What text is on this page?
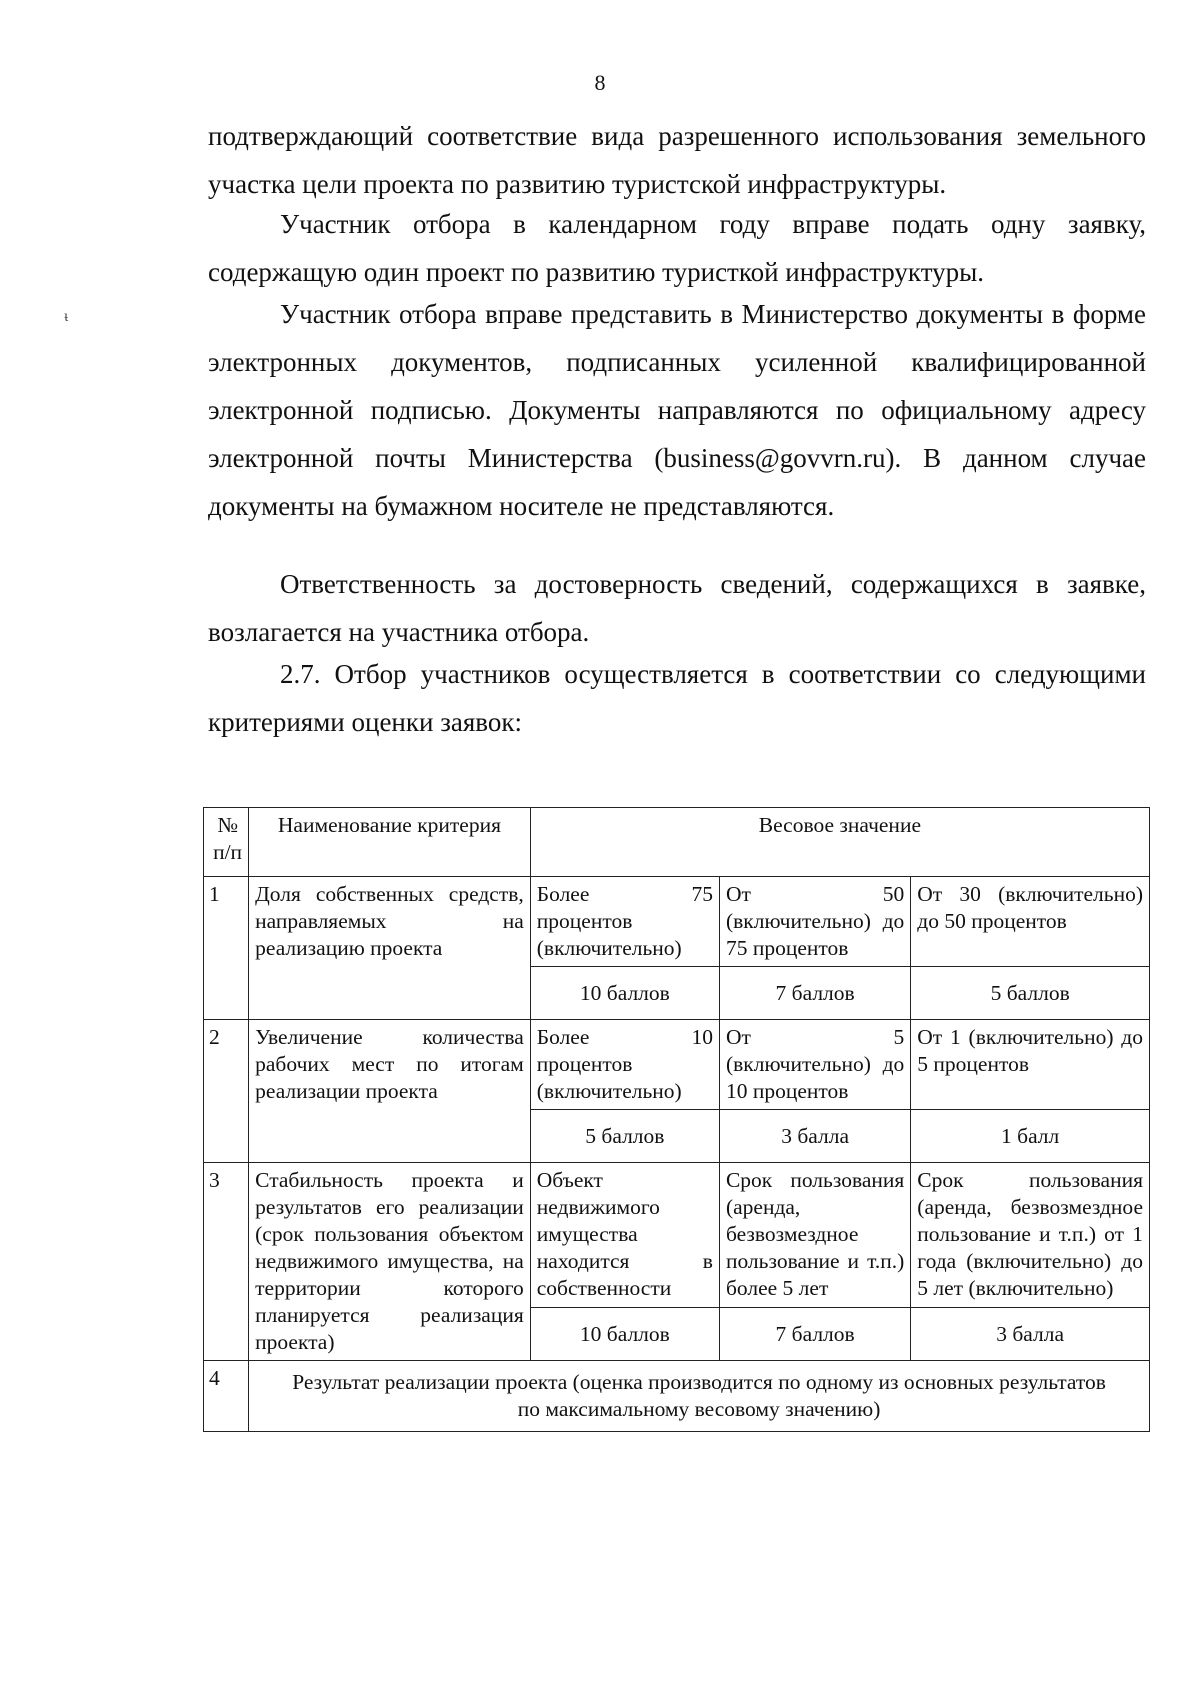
8
ᵼ

подтверждающий соответствие вида разрешенного использования земельного участка цели проекта по развитию туристской инфраструктуры.

Участник отбора в календарном году вправе подать одну заявку, содержащую один проект по развитию туристкой инфраструктуры.

Участник отбора вправе представить в Министерство документы в форме электронных документов, подписанных усиленной квалифицированной электронной подписью. Документы направляются по официальному адресу электронной почты Министерства (business@govvrn.ru). В данном случае документы на бумажном носителе не представляются.

Ответственность за достоверность сведений, содержащихся в заявке, возлагается на участника отбора.

2.7. Отбор участников осуществляется в соответствии со следующими критериями оценки заявок:

№ п/п	Наименование критерия	Весовое значение		
1	Доля собственных средств, направляемых на реализацию проекта	Более 75 процентов (включительно)	От 50 (включительно) до 75 процентов	От 30 (включительно) до 50 процентов
		10 баллов	7 баллов	5 баллов
2	Увеличение количества рабочих мест по итогам реализации проекта	Более 10 процентов (включительно)	От 5 (включительно) до 10 процентов	От 1 (включительно) до 5 процентов
		5 баллов	3 балла	1 балл
3	Стабильность проекта и результатов его реализации (срок пользования объектом недвижимого имущества, на территории которого планируется реализация проекта)	Объект недвижимого имущества находится в собственности	Срок пользования (аренда, безвозмездное пользование и т.п.) более 5 лет	Срок пользования (аренда, безвозмездное пользование и т.п.) от 1 года (включительно) до 5 лет (включительно)
		10 баллов	7 баллов	3 балла
4	Результат реализации проекта (оценка производится по одному из основных результатов по максимальному весовому значению)			
